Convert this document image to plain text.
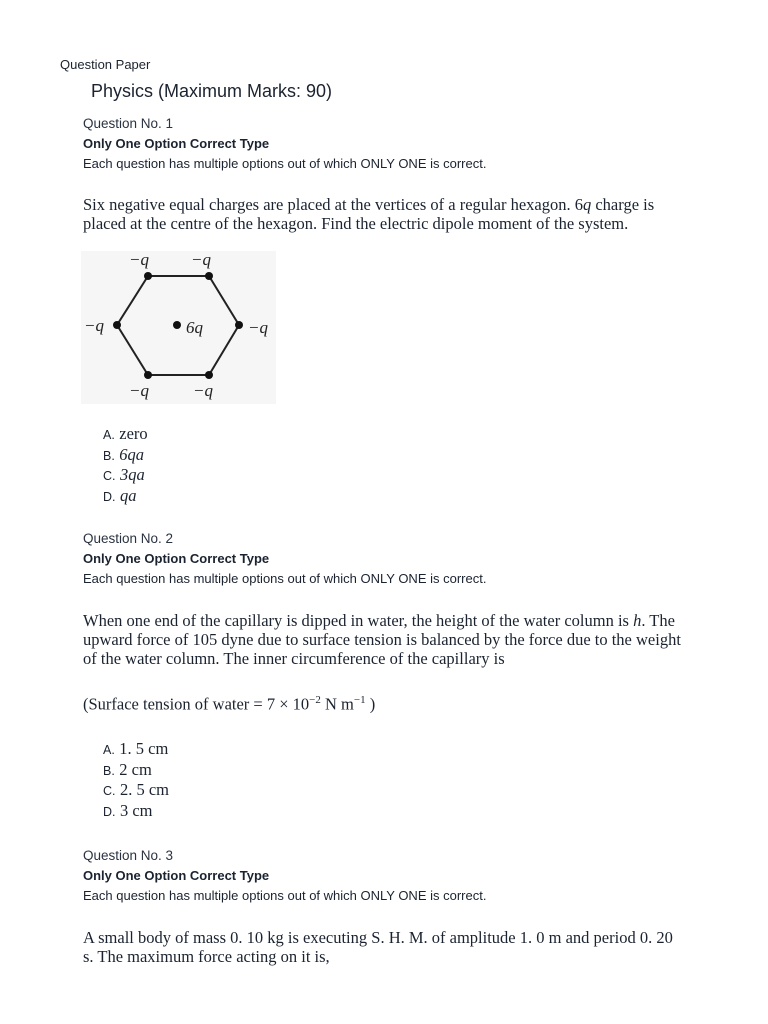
Question Paper
Physics (Maximum Marks: 90)
Question No. 1
Only One Option Correct Type
Each question has multiple options out of which ONLY ONE is correct.
Six negative equal charges are placed at the vertices of a regular hexagon. 6q charge is placed at the centre of the hexagon. Find the electric dipole moment of the system.
−q −q
−q
−q
−q
−q	6q
A. zero
B. 6qa
C. 3qa
D. qa
Question No. 2
Only One Option Correct Type
Each question has multiple options out of which ONLY ONE is correct.
When one end of the capillary is dipped in water, the height of the water column is h. The upward force of 105 dyne due to surface tension is balanced by the force due to the weight of the water column. The inner circumference of the capillary is
(Surface tension of water = $7 \times 10^{-2}$ N $m^{-1}$ )
A. 1. 5 cm
B. 2 cm
C. 2. 5 cm
D. 3 cm
Question No. 3
Only One Option Correct Type
Each question has multiple options out of which ONLY ONE is correct.
A small body of mass 0. 10 kg is executing S. H. M. of amplitude 1. 0 m and period 0. 20 s. The maximum force acting on it is,
